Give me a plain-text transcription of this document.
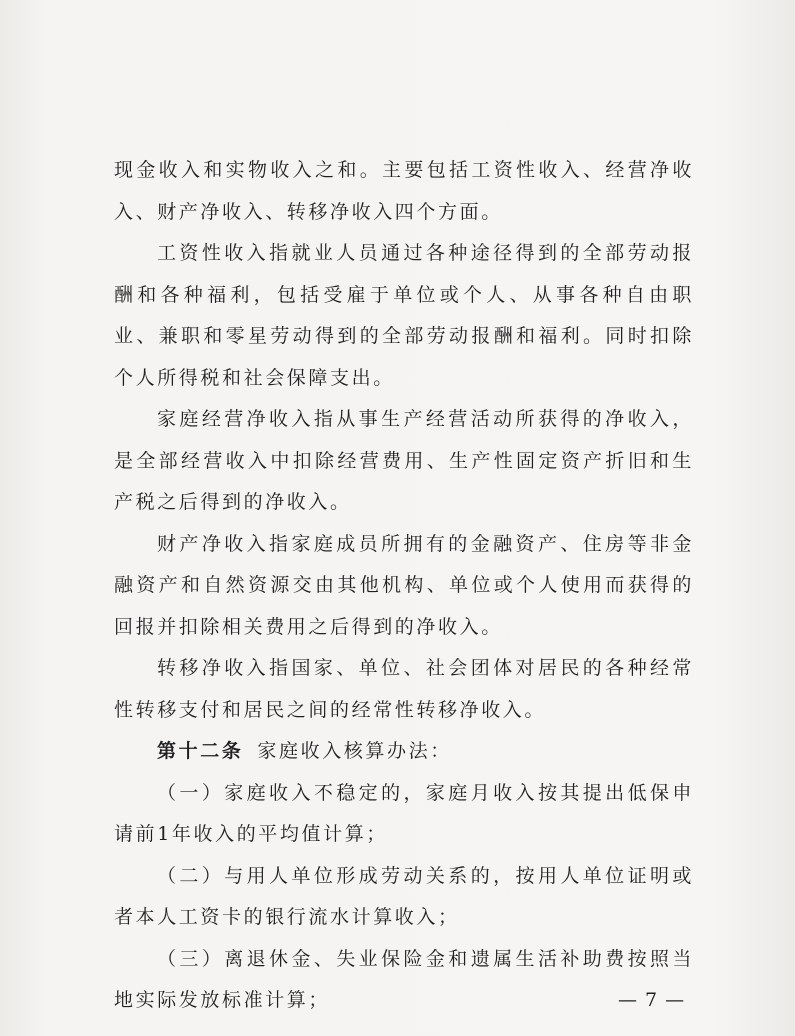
现金收入和实物收入之和。主要包括工资性收入、经营净收入、财产净收入、转移净收入四个方面。

工资性收入指就业人员通过各种途径得到的全部劳动报酬和各种福利，包括受雇于单位或个人、从事各种自由职业、兼职和零星劳动得到的全部劳动报酬和福利。同时扣除个人所得税和社会保障支出。

家庭经营净收入指从事生产经营活动所获得的净收入，是全部经营收入中扣除经营费用、生产性固定资产折旧和生产税之后得到的净收入。

财产净收入指家庭成员所拥有的金融资产、住房等非金融资产和自然资源交由其他机构、单位或个人使用而获得的回报并扣除相关费用之后得到的净收入。

转移净收入指国家、单位、社会团体对居民的各种经常性转移支付和居民之间的经常性转移净收入。

第十二条 家庭收入核算办法：

（一）家庭收入不稳定的，家庭月收入按其提出低保申请前1年收入的平均值计算；

（二）与用人单位形成劳动关系的，按用人单位证明或者本人工资卡的银行流水计算收入；

（三）离退休金、失业保险金和遗属生活补助费按照当地实际发放标准计算；	— 7 —
